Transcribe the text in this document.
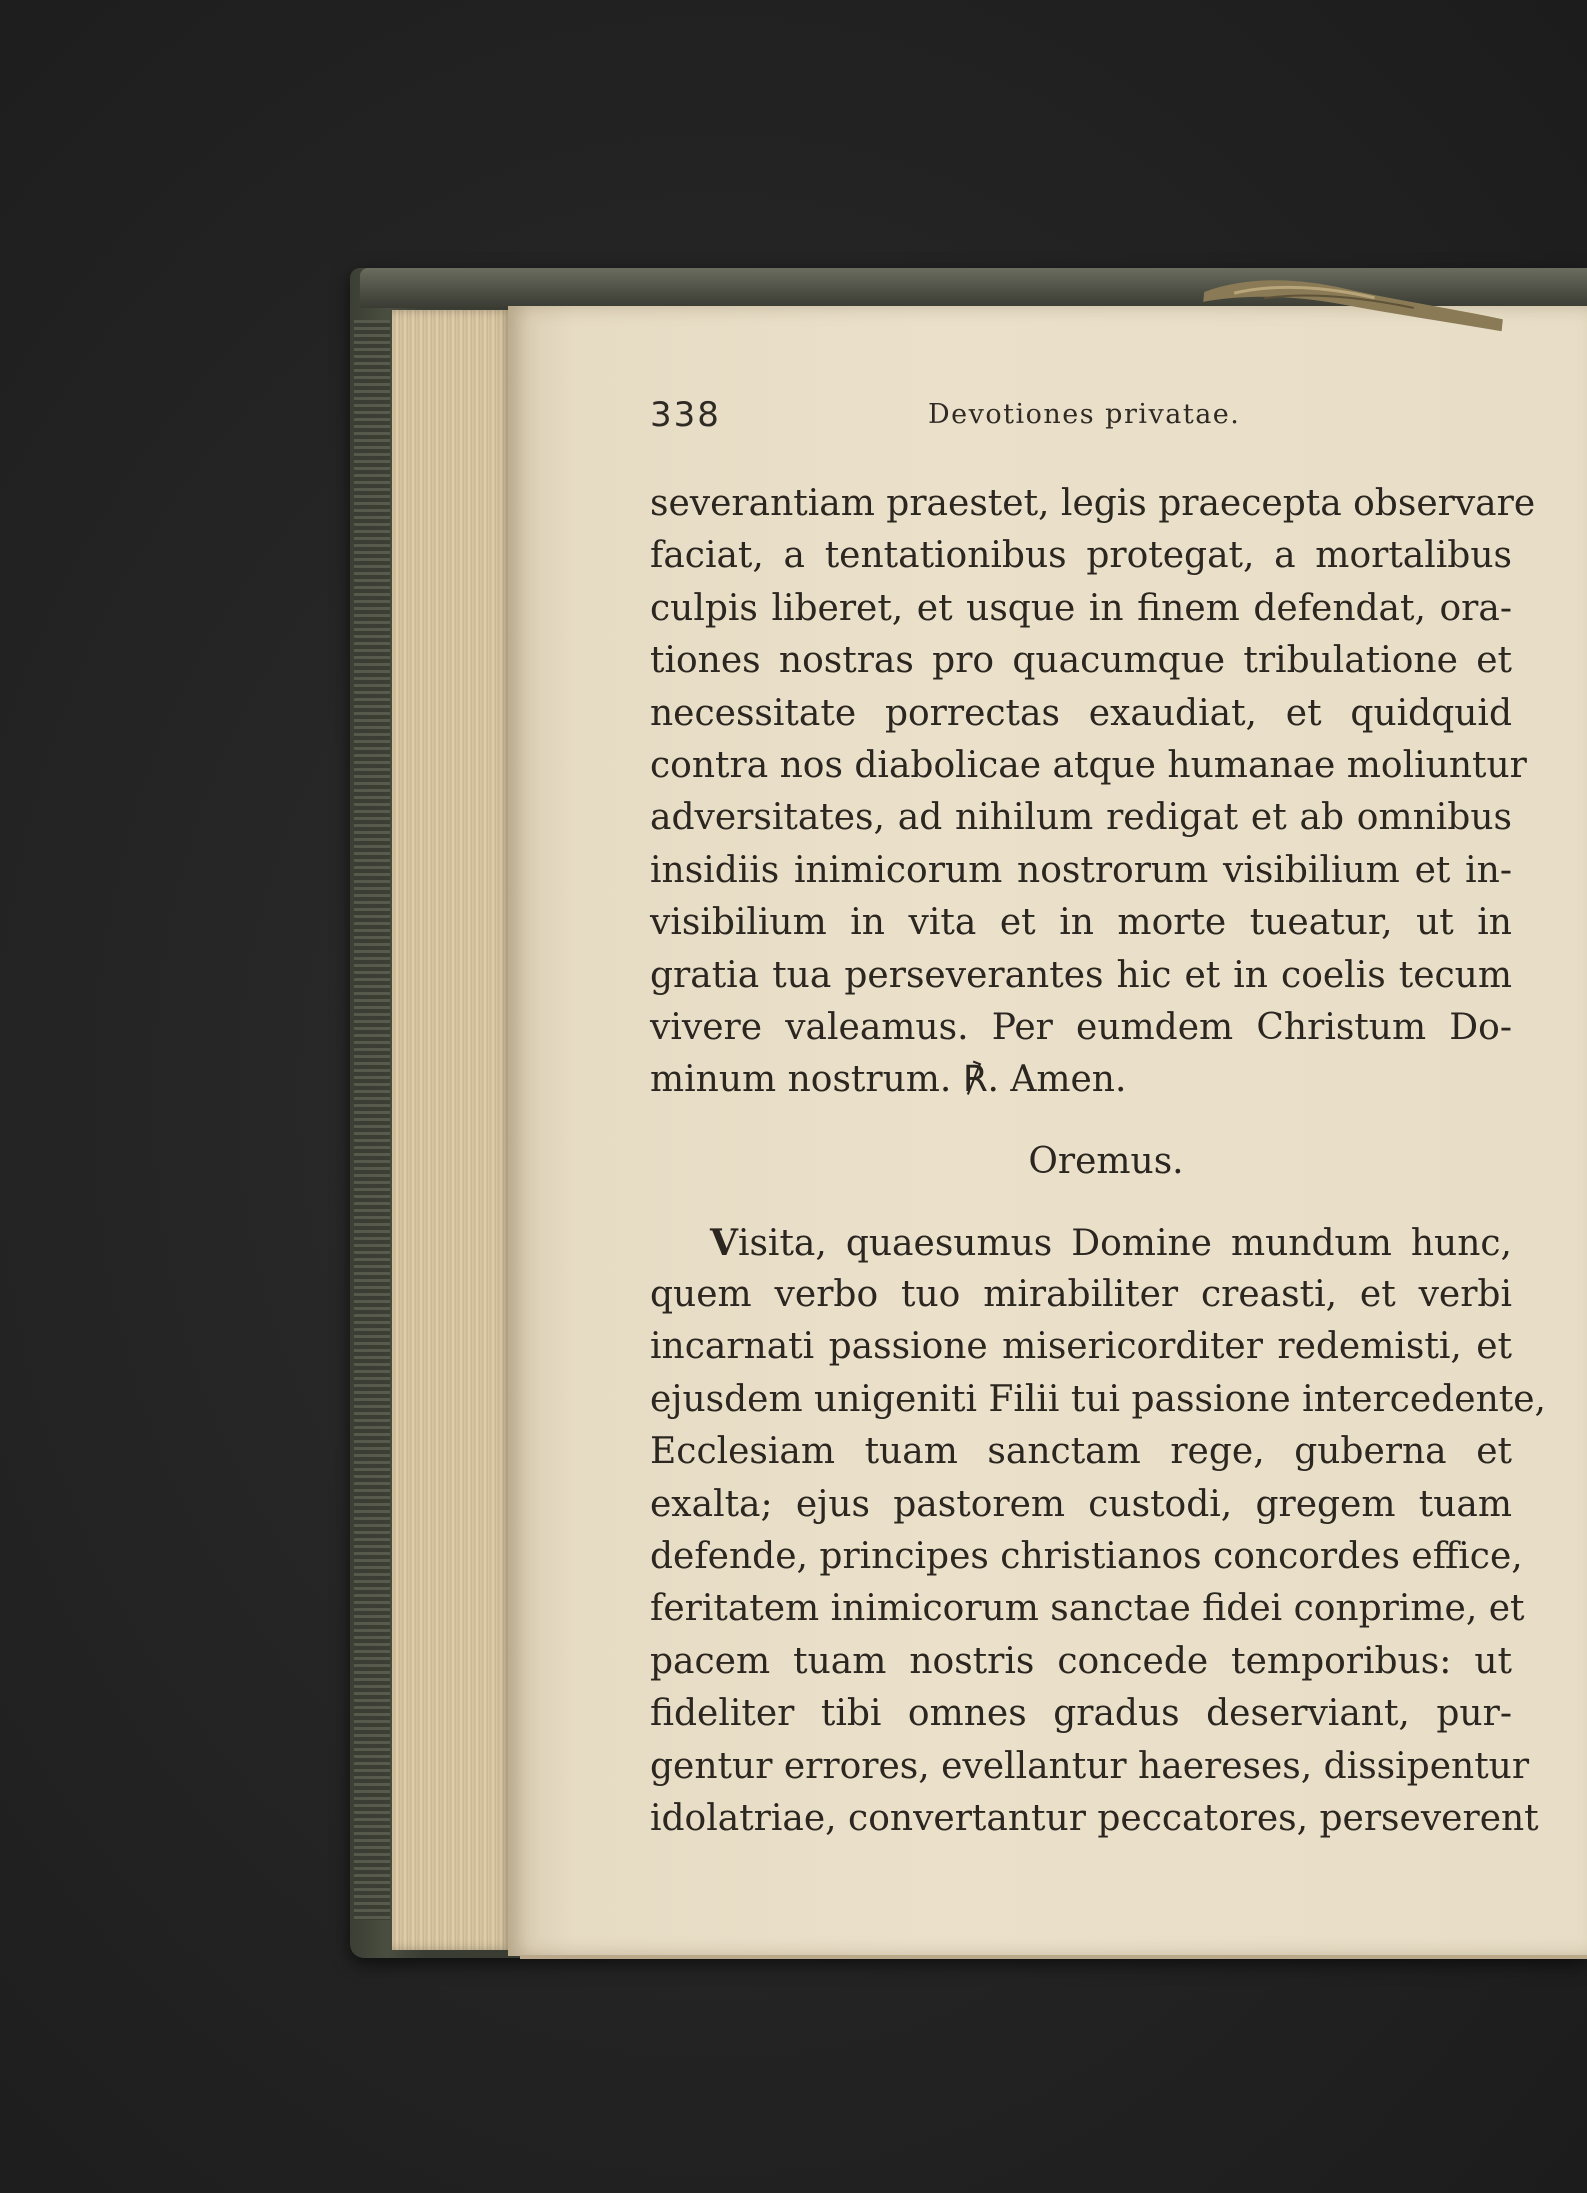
338	Devotiones privatae.
severantiam praestet, legis praecepta observare
faciat, a tentationibus protegat, a mortalibus
culpis liberet, et usque in finem defendat, ora-
tiones nostras pro quacumque tribulatione et
necessitate porrectas exaudiat, et quidquid
contra nos diabolicae atque humanae moliuntur
adversitates, ad nihilum redigat et ab omnibus
insidiis inimicorum nostrorum visibilium et in-
visibilium in vita et in morte tueatur, ut in
gratia tua perseverantes hic et in coelis tecum
vivere valeamus. Per eumdem Christum Do-
minum nostrum. ℟. Amen.
Oremus.
Visita, quaesumus Domine mundum hunc,
quem verbo tuo mirabiliter creasti, et verbi
incarnati passione misericorditer redemisti, et
ejusdem unigeniti Filii tui passione intercedente,
Ecclesiam tuam sanctam rege, guberna et
exalta; ejus pastorem custodi, gregem tuam
defende, principes christianos concordes effice,
feritatem inimicorum sanctae fidei conprime, et
pacem tuam nostris concede temporibus: ut
fideliter tibi omnes gradus deserviant, pur-
gentur errores, evellantur haereses, dissipentur
idolatriae, convertantur peccatores, perseverent
